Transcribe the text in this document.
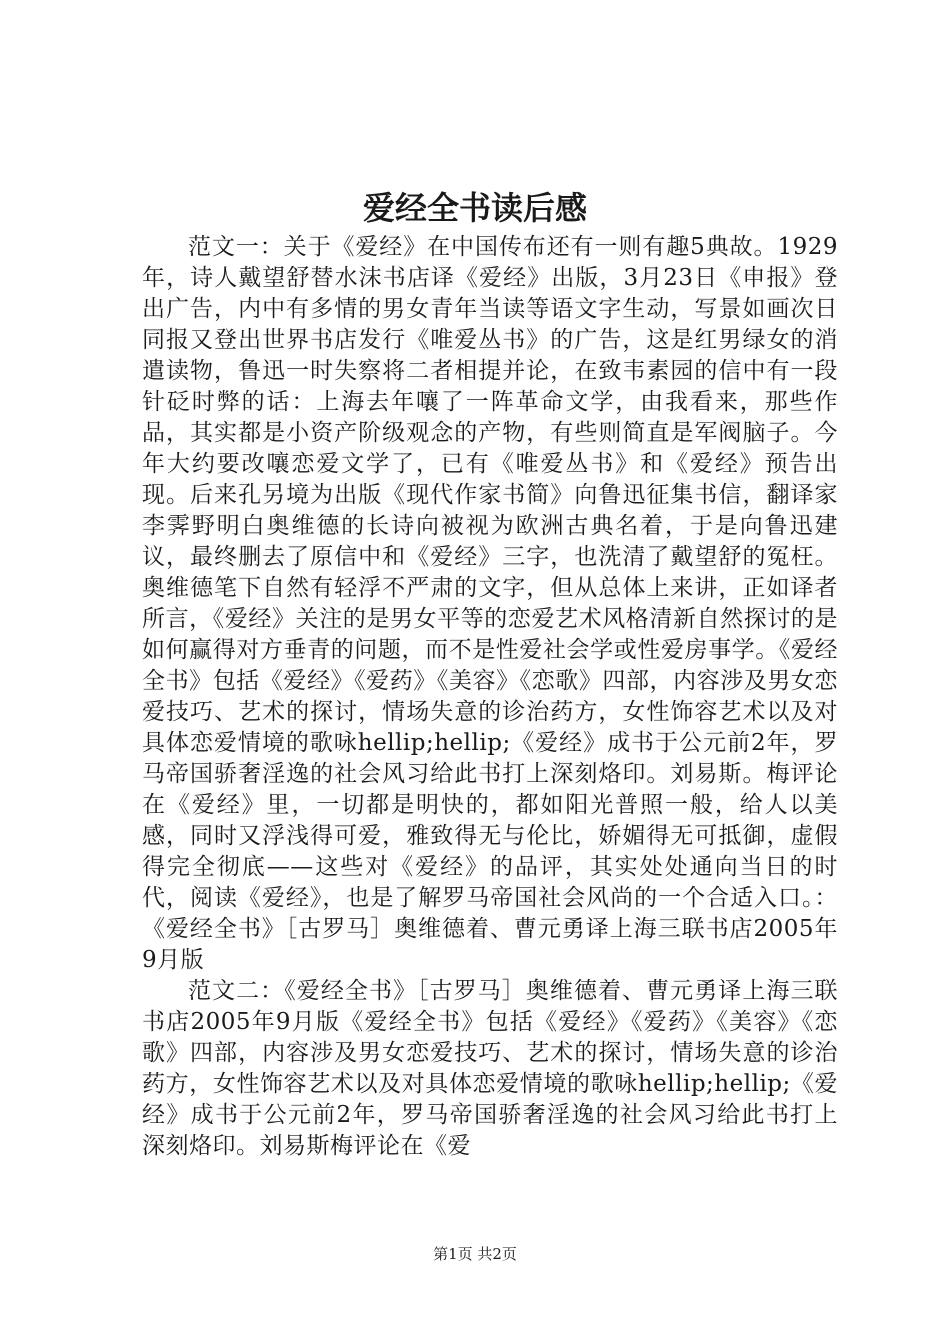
爱经全书读后感

范文一：关于《爱经》在中国传布还有一则有趣5典故。1929年，诗人戴望舒替水沫书店译《爱经》出版，3月23日《申报》登出广告，内中有多情的男女青年当读等语文字生动，写景如画次日同报又登出世界书店发行《唯爱丛书》的广告，这是红男绿女的消遣读物，鲁迅一时失察将二者相提并论，在致韦素园的信中有一段针砭时弊的话：上海去年嚷了一阵革命文学，由我看来，那些作品，其实都是小资产阶级观念的产物，有些则简直是军阀脑子。今年大约要改嚷恋爱文学了，已有《唯爱丛书》和《爱经》预告出现。后来孔另境为出版《现代作家书简》向鲁迅征集书信，翻译家李霁野明白奥维德的长诗向被视为欧洲古典名着，于是向鲁迅建议，最终删去了原信中和《爱经》三字，也洗清了戴望舒的冤枉。奥维德笔下自然有轻浮不严肃的文字，但从总体上来讲，正如译者所言，《爱经》关注的是男女平等的恋爱艺术风格清新自然探讨的是如何赢得对方垂青的问题，而不是性爱社会学或性爱房事学。《爱经全书》包括《爱经》《爱药》《美容》《恋歌》四部，内容涉及男女恋爱技巧、艺术的探讨，情场失意的诊治药方，女性饰容艺术以及对具体恋爱情境的歌咏hellip;hellip;《爱经》成书于公元前2年，罗马帝国骄奢淫逸的社会风习给此书打上深刻烙印。刘易斯。梅评论在《爱经》里，一切都是明快的，都如阳光普照一般，给人以美感，同时又浮浅得可爱，雅致得无与伦比，娇媚得无可抵御，虚假得完全彻底——这些对《爱经》的品评，其实处处通向当日的时代，阅读《爱经》，也是了解罗马帝国社会风尚的一个合适入口。：《爱经全书》［古罗马］奥维德着、曹元勇译上海三联书店2005年9月版

范文二：《爱经全书》［古罗马］奥维德着、曹元勇译上海三联书店2005年9月版《爱经全书》包括《爱经》《爱药》《美容》《恋歌》四部，内容涉及男女恋爱技巧、艺术的探讨，情场失意的诊治药方，女性饰容艺术以及对具体恋爱情境的歌咏hellip;hellip;《爱经》成书于公元前2年，罗马帝国骄奢淫逸的社会风习给此书打上深刻烙印。刘易斯梅评论在《爱

第1页 共2页
